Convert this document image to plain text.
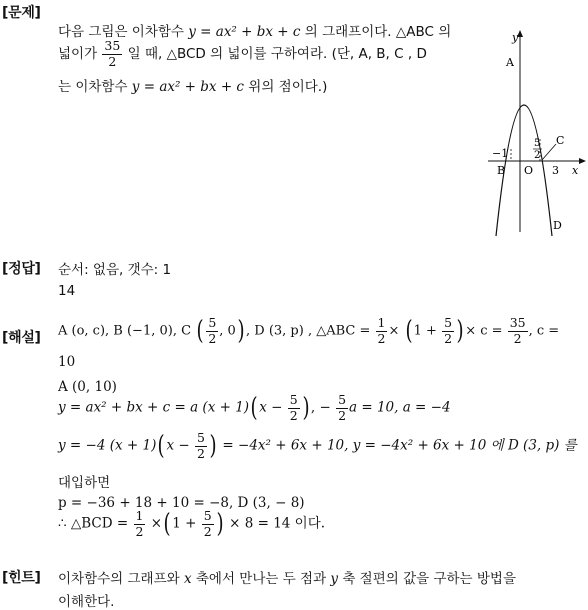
[문제]
[정답]
[해설]
[힌트]
다음 그림은 이차함수 y = ax² + bx + c 의 그래프이다. △ABC 의
넓이가 $\frac{35}{2}$ 일 때, △BCD 의 넓이를 구하여라. (단, A, B, C , D
는 이차함수 y = ax² + bx + c 위의 점이다.)
y
x
A
−1
B O
5
2
C
3
D
순서: 없음, 갯수: 1
14
A (o, c), B (−1, 0), C ( $\frac{5}{2}$ , 0) , D (3, p) , △ABC = $\frac{1}{2}$ × ( $1 + \frac{5}{2}$ ) × $c = \frac{35}{2}$ , c =
10
A (0, 10)
y = ax² + bx + c = a (x + 1)( $x - \frac{5}{2}$ ) , − $\frac{5}{2}$ a = 10, a = −4
y = −4 (x + 1)( $x - \frac{5}{2}$ ) = −4x² + 6x + 10, y = −4x² + 6x + 10 에 D (3, p) 를
대입하면
p = −36 + 18 + 10 = −8, D (3, − 8)
∴ △BCD = $\frac{1}{2}$ ×( $1 + \frac{5}{2}$ ) × 8 = 14 이다.
이차함수의 그래프와 x 축에서 만나는 두 점과 y 축 절편의 값을 구하는 방법을
이해한다.
